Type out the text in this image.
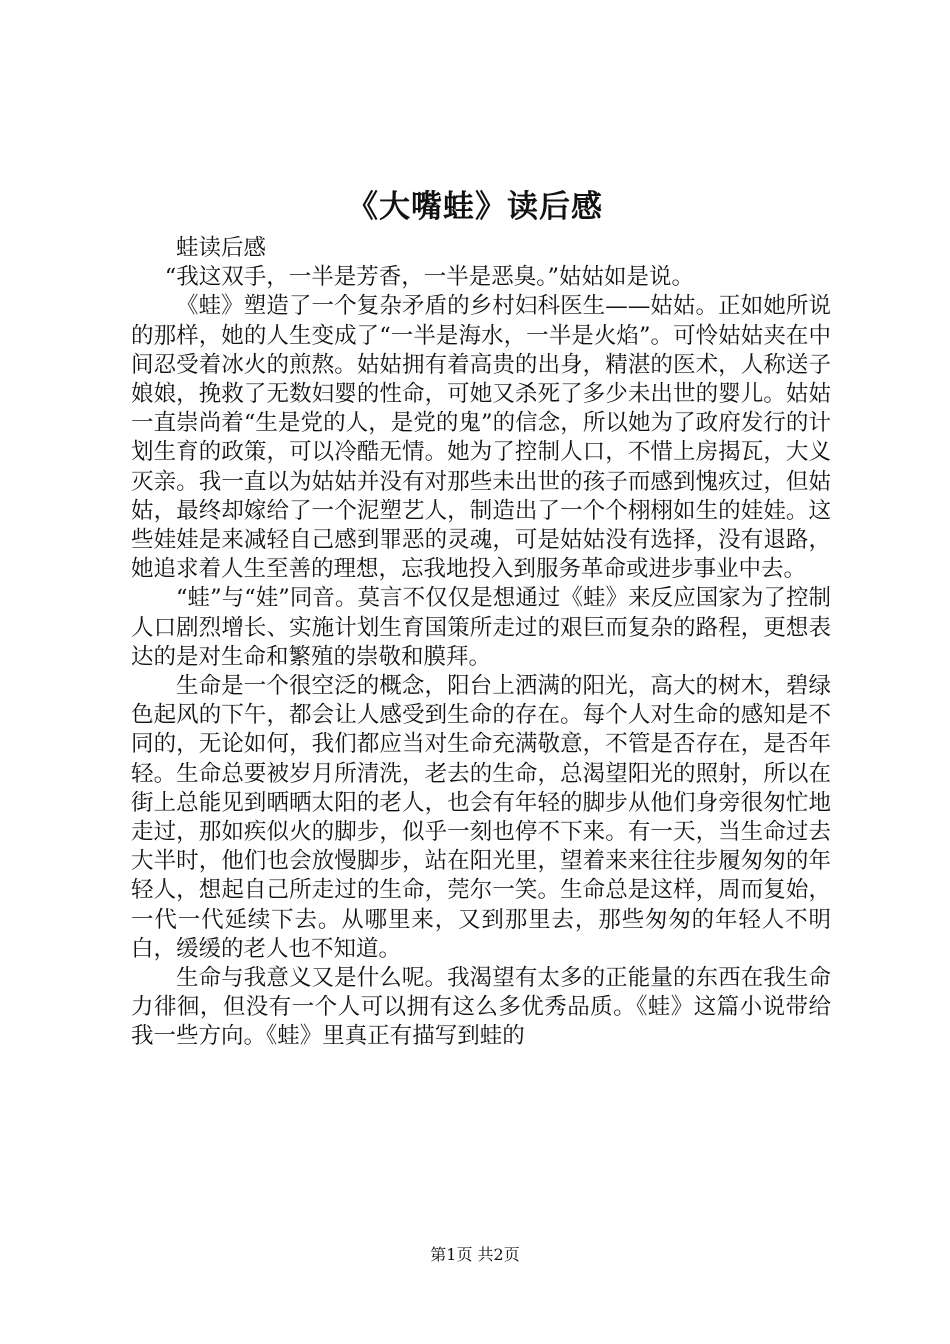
《大嘴蛙》读后感

蛙读后感

“我这双手，一半是芳香，一半是恶臭。”姑姑如是说。

《蛙》塑造了一个复杂矛盾的乡村妇科医生——姑姑。正如她所说的那样，她的人生变成了“一半是海水，一半是火焰”。可怜姑姑夹在中间忍受着冰火的煎熬。姑姑拥有着高贵的出身，精湛的医术，人称送子娘娘，挽救了无数妇婴的性命，可她又杀死了多少未出世的婴儿。姑姑一直崇尚着“生是党的人，是党的鬼”的信念，所以她为了政府发行的计划生育的政策，可以冷酷无情。她为了控制人口，不惜上房揭瓦，大义灭亲。我一直以为姑姑并没有对那些未出世的孩子而感到愧疚过，但姑姑，最终却嫁给了一个泥塑艺人，制造出了一个个栩栩如生的娃娃。这些娃娃是来减轻自己感到罪恶的灵魂，可是姑姑没有选择，没有退路，她追求着人生至善的理想，忘我地投入到服务革命或进步事业中去。

“蛙”与“娃”同音。莫言不仅仅是想通过《蛙》来反应国家为了控制人口剧烈增长、实施计划生育国策所走过的艰巨而复杂的路程，更想表达的是对生命和繁殖的崇敬和膜拜。

生命是一个很空泛的概念，阳台上洒满的阳光，高大的树木，碧绿色起风的下午，都会让人感受到生命的存在。每个人对生命的感知是不同的，无论如何，我们都应当对生命充满敬意，不管是否存在，是否年轻。生命总要被岁月所清洗，老去的生命，总渴望阳光的照射，所以在街上总能见到晒晒太阳的老人，也会有年轻的脚步从他们身旁很匆忙地走过，那如疾似火的脚步，似乎一刻也停不下来。有一天，当生命过去大半时，他们也会放慢脚步，站在阳光里，望着来来往往步履匆匆的年轻人，想起自己所走过的生命，莞尔一笑。生命总是这样，周而复始，一代一代延续下去。从哪里来，又到那里去，那些匆匆的年轻人不明白，缓缓的老人也不知道。

生命与我意义又是什么呢。我渴望有太多的正能量的东西在我生命力徘徊，但没有一个人可以拥有这么多优秀品质。《蛙》这篇小说带给我一些方向。《蛙》里真正有描写到蛙的

第1页 共2页
